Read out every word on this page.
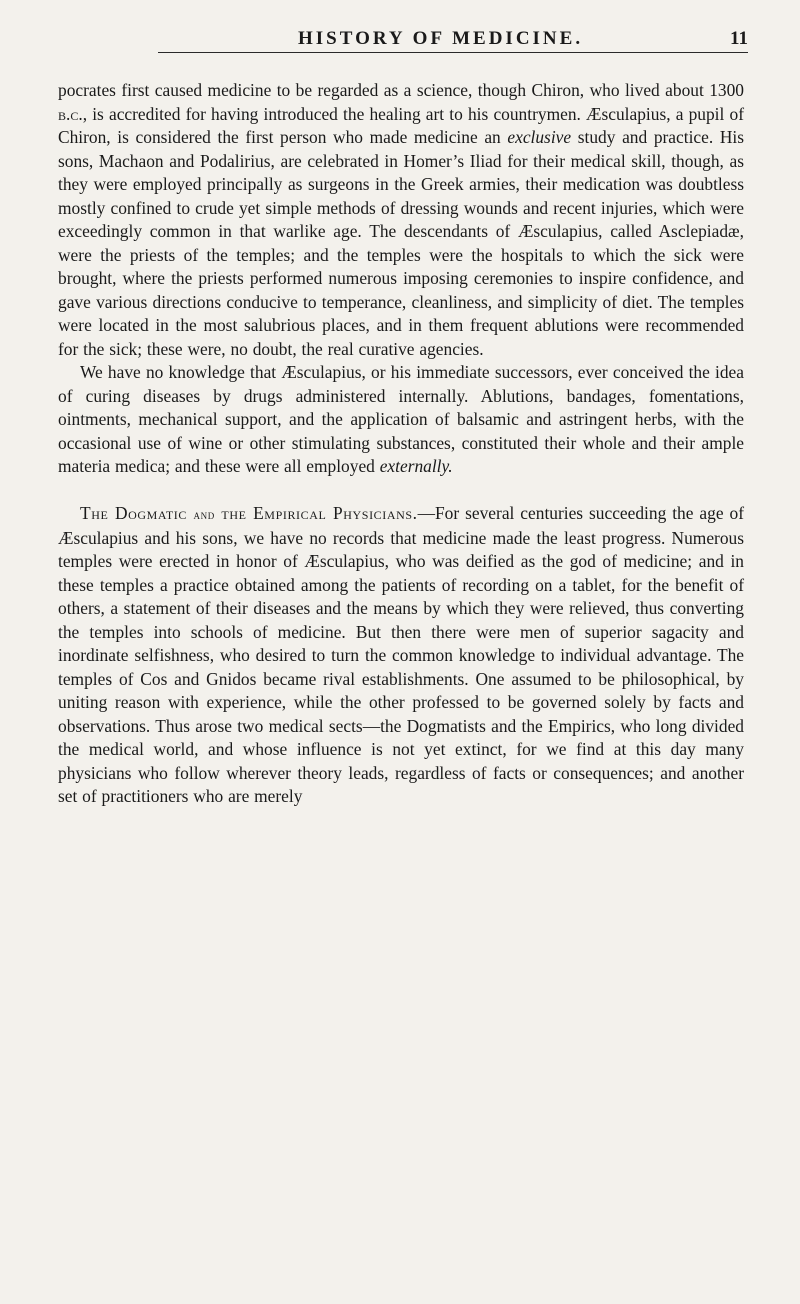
HISTORY OF MEDICINE.	11

pocrates first caused medicine to be regarded as a science, though Chiron, who lived about 1300 b.c., is accredited for having introduced the healing art to his countrymen. Æsculapius, a pupil of Chiron, is considered the first person who made medicine an exclusive study and practice. His sons, Machaon and Podalirius, are celebrated in Homer’s Iliad for their medical skill, though, as they were employed principally as surgeons in the Greek armies, their medication was doubtless mostly confined to crude yet simple methods of dressing wounds and recent injuries, which were exceedingly common in that warlike age. The descendants of Æsculapius, called Asclepiadæ, were the priests of the temples; and the temples were the hospitals to which the sick were brought, where the priests performed numerous imposing ceremonies to inspire confidence, and gave various directions conducive to temperance, cleanliness, and simplicity of diet. The temples were located in the most salubrious places, and in them frequent ablutions were recommended for the sick; these were, no doubt, the real curative agencies.

We have no knowledge that Æsculapius, or his immediate successors, ever conceived the idea of curing diseases by drugs administered internally. Ablutions, bandages, fomentations, ointments, mechanical support, and the application of balsamic and astringent herbs, with the occasional use of wine or other stimulating substances, constituted their whole and their ample materia medica; and these were all employed externally.

The Dogmatic and the Empirical Physicians.—For several centuries succeeding the age of Æsculapius and his sons, we have no records that medicine made the least progress. Numerous temples were erected in honor of Æsculapius, who was deified as the god of medicine; and in these temples a practice obtained among the patients of recording on a tablet, for the benefit of others, a statement of their diseases and the means by which they were relieved, thus converting the temples into schools of medicine. But then there were men of superior sagacity and inordinate selfishness, who desired to turn the common knowledge to individual advantage. The temples of Cos and Gnidos became rival establishments. One assumed to be philosophical, by uniting reason with experience, while the other professed to be governed solely by facts and observations. Thus arose two medical sects—the Dogmatists and the Empirics, who long divided the medical world, and whose influence is not yet extinct, for we find at this day many physicians who follow wherever theory leads, regardless of facts or consequences; and another set of practitioners who are merely
